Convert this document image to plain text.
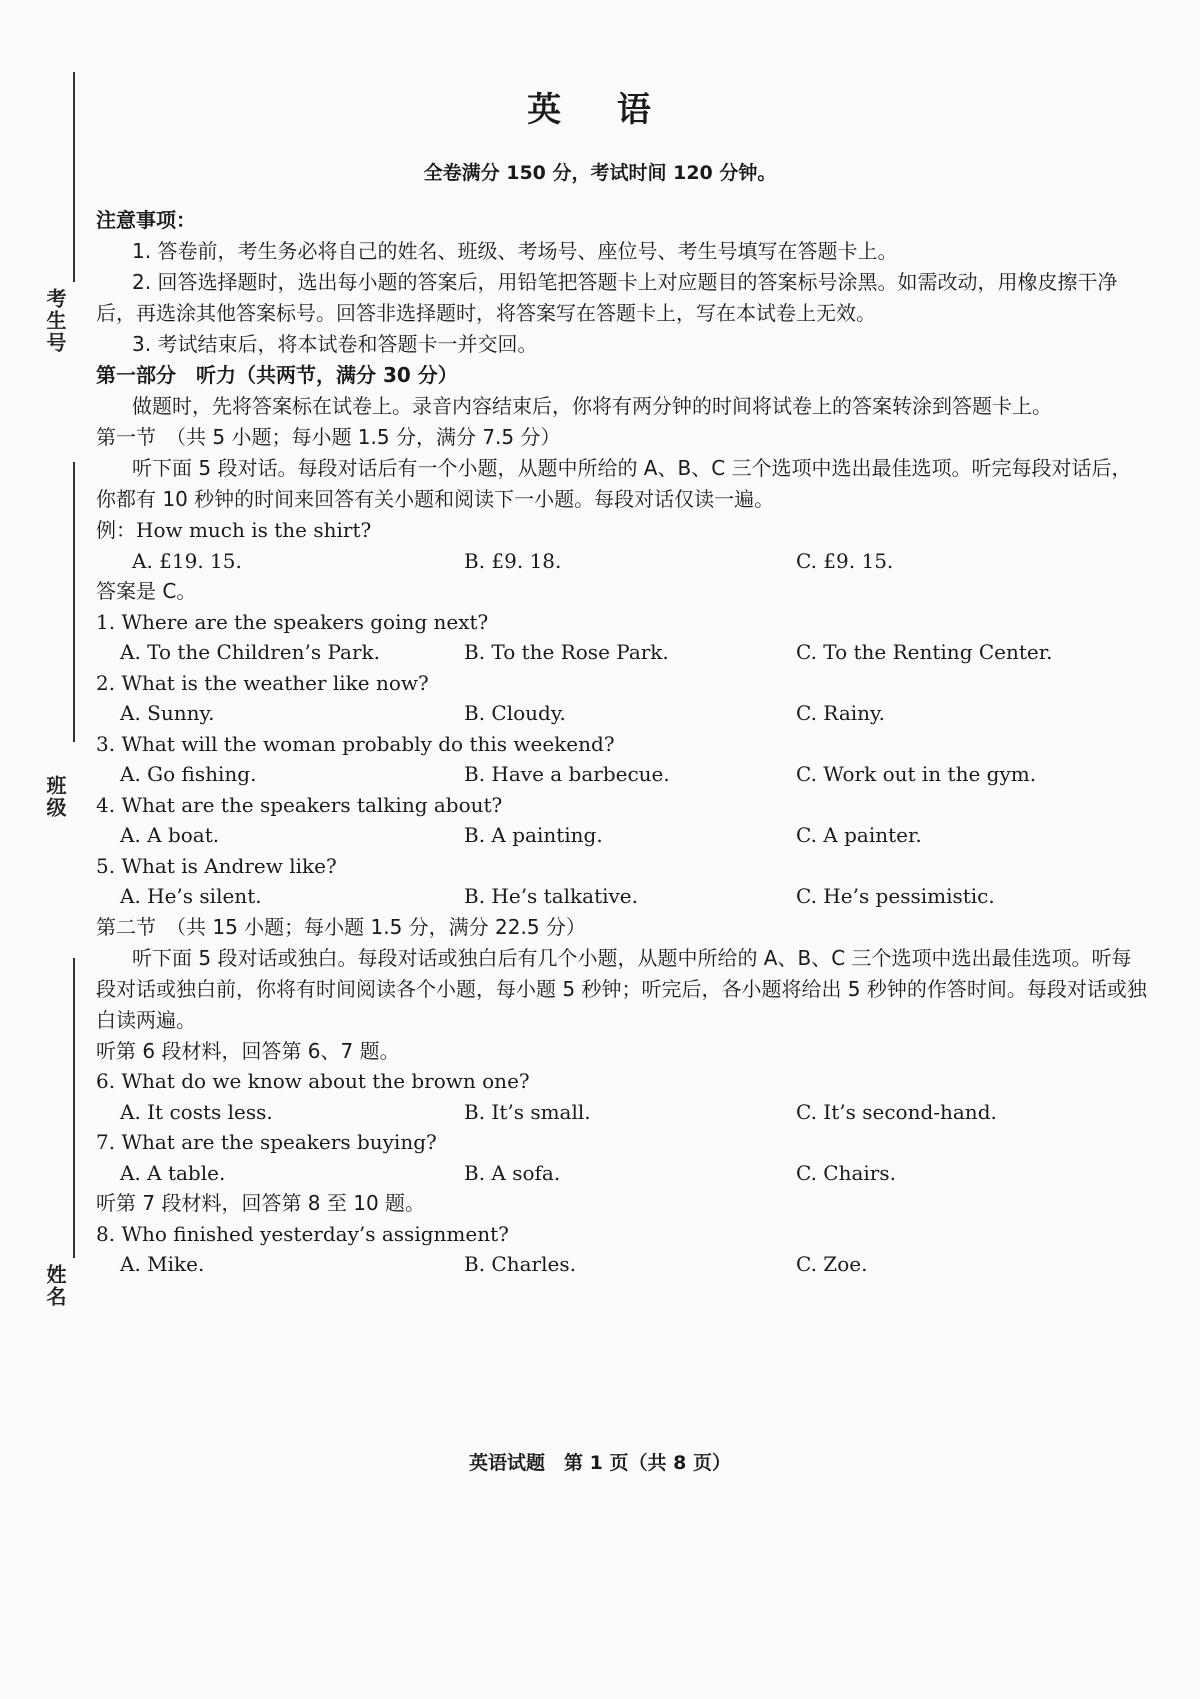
考生号
班级
姓名
英 语
全卷满分 150 分，考试时间 120 分钟。
注意事项：
1. 答卷前，考生务必将自己的姓名、班级、考场号、座位号、考生号填写在答题卡上。
2. 回答选择题时，选出每小题的答案后，用铅笔把答题卡上对应题目的答案标号涂黑。如需改动，用橡皮擦干净后，再选涂其他答案标号。回答非选择题时，将答案写在答题卡上，写在本试卷上无效。
3. 考试结束后，将本试卷和答题卡一并交回。
第一部分　听力（共两节，满分 30 分）
做题时，先将答案标在试卷上。录音内容结束后，你将有两分钟的时间将试卷上的答案转涂到答题卡上。
第一节　（共 5 小题；每小题 1.5 分，满分 7.5 分）
听下面 5 段对话。每段对话后有一个小题，从题中所给的 A、B、C 三个选项中选出最佳选项。听完每段对话后，你都有 10 秒钟的时间来回答有关小题和阅读下一小题。每段对话仅读一遍。
例：How much is the shirt?
A. £19. 15.	B. £9. 18.	C. £9. 15.
答案是 C。
1. Where are the speakers going next?
A. To the Children’s Park.	B. To the Rose Park.	C. To the Renting Center.
2. What is the weather like now?
A. Sunny.	B. Cloudy.	C. Rainy.
3. What will the woman probably do this weekend?
A. Go fishing.	B. Have a barbecue.	C. Work out in the gym.
4. What are the speakers talking about?
A. A boat.	B. A painting.	C. A painter.
5. What is Andrew like?
A. He’s silent.	B. He’s talkative.	C. He’s pessimistic.
第二节　（共 15 小题；每小题 1.5 分，满分 22.5 分）
听下面 5 段对话或独白。每段对话或独白后有几个小题，从题中所给的 A、B、C 三个选项中选出最佳选项。听每段对话或独白前，你将有时间阅读各个小题，每小题 5 秒钟；听完后，各小题将给出 5 秒钟的作答时间。每段对话或独白读两遍。
听第 6 段材料，回答第 6、7 题。
6. What do we know about the brown one?
A. It costs less.	B. It’s small.	C. It’s second-hand.
7. What are the speakers buying?
A. A table.	B. A sofa.	C. Chairs.
听第 7 段材料，回答第 8 至 10 题。
8. Who finished yesterday’s assignment?
A. Mike.	B. Charles.	C. Zoe.
英语试题　第 1 页（共 8 页）
